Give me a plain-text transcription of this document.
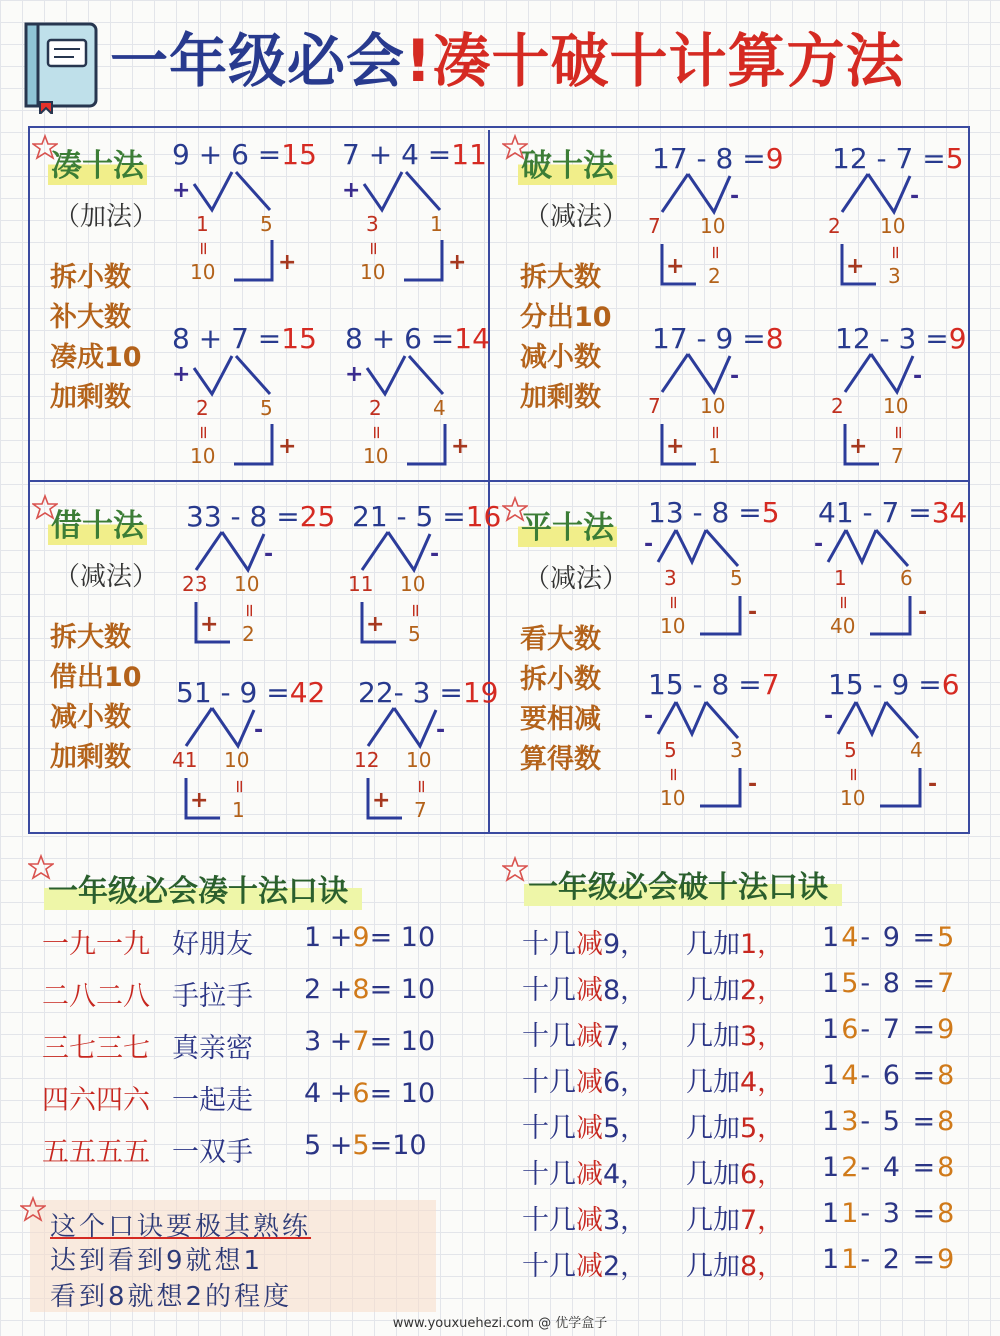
一年级必会!凑十破十计算方法
凑十法
（加法）
拆小数
补大数
凑成10
加剩数
破十法
（减法）
拆大数
分出10
减小数
加剩数
借十法
（减法）
拆大数
借出10
减小数
加剩数
平十法
（减法）
看大数
拆小数
要相减
算得数
9 + 6 =15
1	5
=
10
+
+
7 + 4 =11
3	1
=
10
+
+
8 + 7 =15
2	5
=
10
+
+
8 + 6 =14
2	4
=
10
+
+
17 - 8 =9
7 10
=
2
-
+
12 - 7 =5
2 10
=
3
-
+
17 - 9 =8
7 10
=
1
-
+
12 - 3 =9
2 10
=
7
-
+
33 - 8 =25
23 10
=
2
-
+
21 - 5 =16
11 10
=
5
-
+
51 - 9 =42
41 10
=
1
-
+
22- 3 =19
12 10
=
7
-
+
13 - 8 =5
3	5
=
10
-
-
41 - 7 =34
1	6
=
40
-
-
15 - 8 =7
5	3
=
10
-
-
15 - 9 =6
5	4
=
10
-
-
一年级必会凑十法口诀
一九一九 好朋友 1 +9= 10
二八二八 手拉手 2 +8= 10
三七三七 真亲密 3 +7= 10
四六四六 一起走 4 +6= 10
五五五五 一双手 5 +5=10
一年级必会破十法口诀
十几减9， 几加1， 14- 9 =5
十几减8， 几加2， 15- 8 =7
十几减7， 几加3， 16- 7 =9
十几减6， 几加4， 14- 6 =8
十几减5， 几加5， 13- 5 =8
十几减4， 几加6， 12- 4 =8
十几减3， 几加7， 11- 3 =8
十几减2， 几加8， 11- 2 =9
这个口诀要极其熟练
达到看到9就想1
看到8就想2的程度
www.youxuehezi.com @ 优学盒子
